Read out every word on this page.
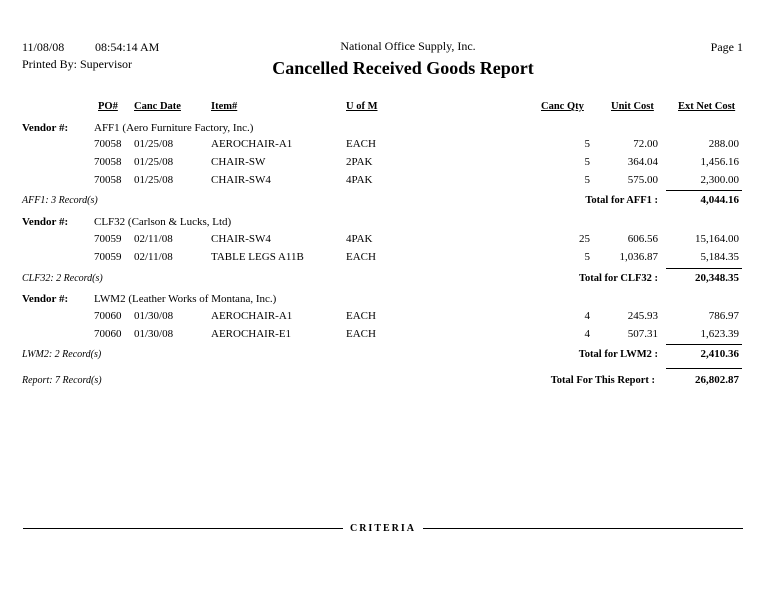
11/08/08	08:54:14 AM	National Office Supply, Inc.	Page 1
Printed By: Supervisor	Cancelled Received Goods Report
PO# Canc Date	Item#	U of M	Canc Qty	Unit Cost Ext Net Cost
Vendor #: AFF1 (Aero Furniture Factory, Inc.)
70058 01/25/08	AEROCHAIR-A1	EACH	5	72.00	288.00
70058 01/25/08	CHAIR-SW	2PAK	5	364.04	1,456.16
70058 01/25/08	CHAIR-SW4	4PAK	5	575.00	2,300.00
AFF1: 3 Record(s)	Total for AFF1 :	4,044.16
Vendor #: CLF32 (Carlson & Lucks, Ltd)
70059 02/11/08	CHAIR-SW4	4PAK	25	606.56	15,164.00
70059 02/11/08	TABLE LEGS A11B	EACH	5	1,036.87	5,184.35
CLF32: 2 Record(s)	Total for CLF32 :	20,348.35
Vendor #: LWM2 (Leather Works of Montana, Inc.)
70060 01/30/08	AEROCHAIR-A1	EACH	4	245.93	786.97
70060 01/30/08	AEROCHAIR-E1	EACH	4	507.31	1,623.39
LWM2: 2 Record(s)	Total for LWM2 :	2,410.36
Report: 7 Record(s)	Total For This Report :	26,802.87
CRITERIA
